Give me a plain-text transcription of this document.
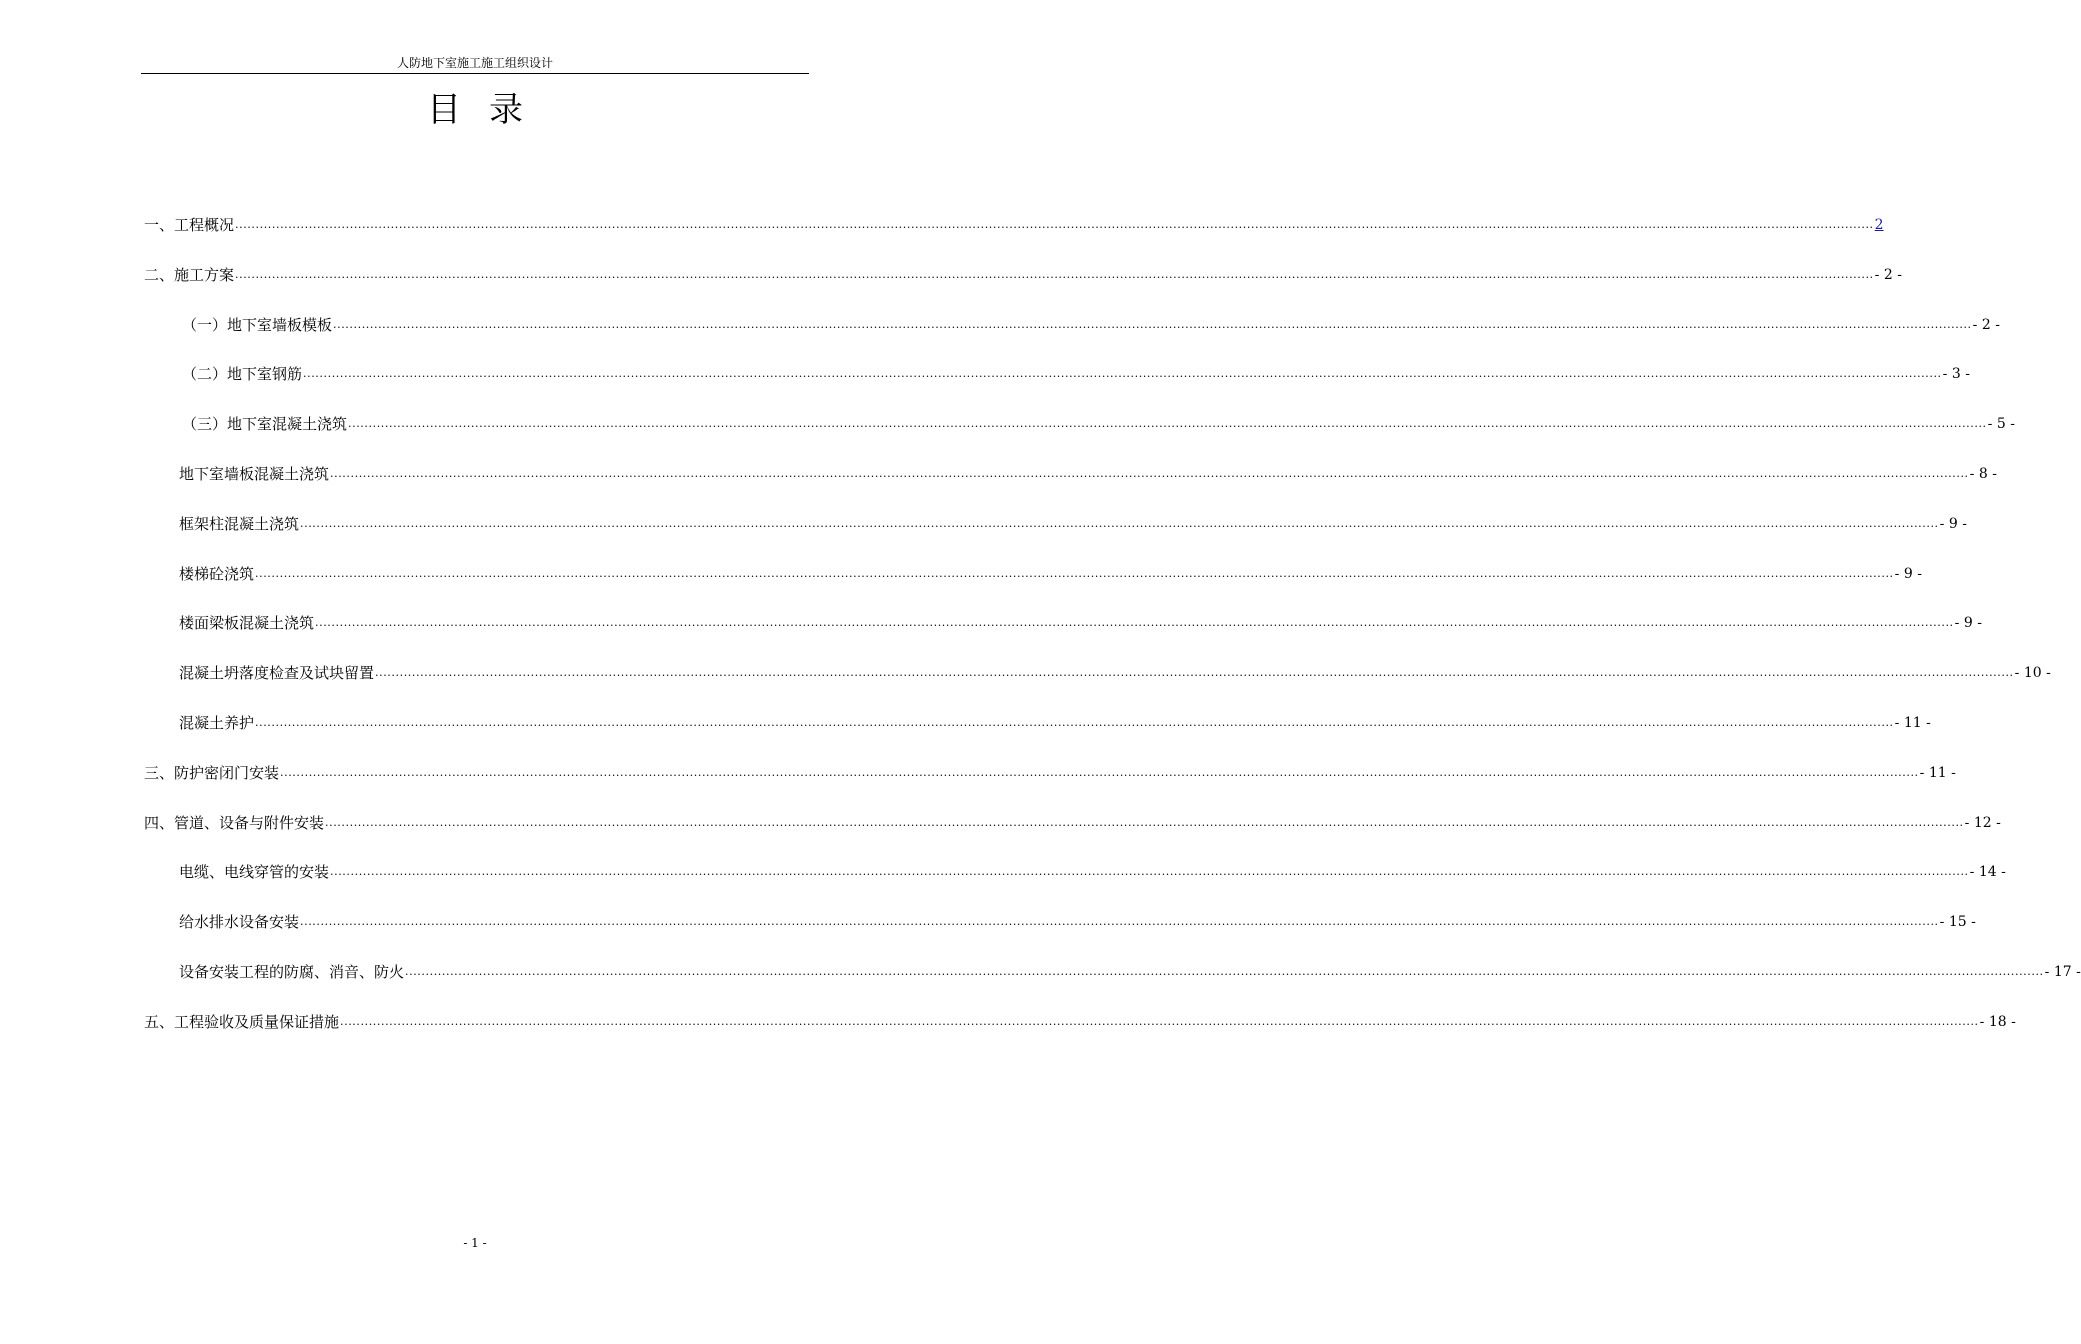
人防地下室施工施工组织设计
目录
一、工程概况 ................................................................................................................................................................................................................................................................................................................................................................................................................ 2
二、施工方案 ................................................................................................................................................................................................................................................................................................................................................................................................................ - 2 -
（一）地下室墙板模板 ................................................................................................................................................................................................................................................................................................................................................................................................................ - 2 -
（二）地下室钢筋 ................................................................................................................................................................................................................................................................................................................................................................................................................ - 3 -
（三）地下室混凝土浇筑 ................................................................................................................................................................................................................................................................................................................................................................................................................ - 5 -
地下室墙板混凝土浇筑 ................................................................................................................................................................................................................................................................................................................................................................................................................ - 8 -
框架柱混凝土浇筑 ................................................................................................................................................................................................................................................................................................................................................................................................................ - 9 -
楼梯砼浇筑 ................................................................................................................................................................................................................................................................................................................................................................................................................ - 9 -
楼面梁板混凝土浇筑 ................................................................................................................................................................................................................................................................................................................................................................................................................ - 9 -
混凝土坍落度检查及试块留置 ................................................................................................................................................................................................................................................................................................................................................................................................................ - 10 -
混凝土养护 ................................................................................................................................................................................................................................................................................................................................................................................................................ - 11 -
三、防护密闭门安装 ................................................................................................................................................................................................................................................................................................................................................................................................................ - 11 -
四、管道、设备与附件安装 ................................................................................................................................................................................................................................................................................................................................................................................................................ - 12 -
电缆、电线穿管的安装 ................................................................................................................................................................................................................................................................................................................................................................................................................ - 14 -
给水排水设备安装 ................................................................................................................................................................................................................................................................................................................................................................................................................ - 15 -
设备安装工程的防腐、消音、防火 ................................................................................................................................................................................................................................................................................................................................................................................................................ - 17 -
五、工程验收及质量保证措施 ................................................................................................................................................................................................................................................................................................................................................................................................................ - 18 -
- 1 -
